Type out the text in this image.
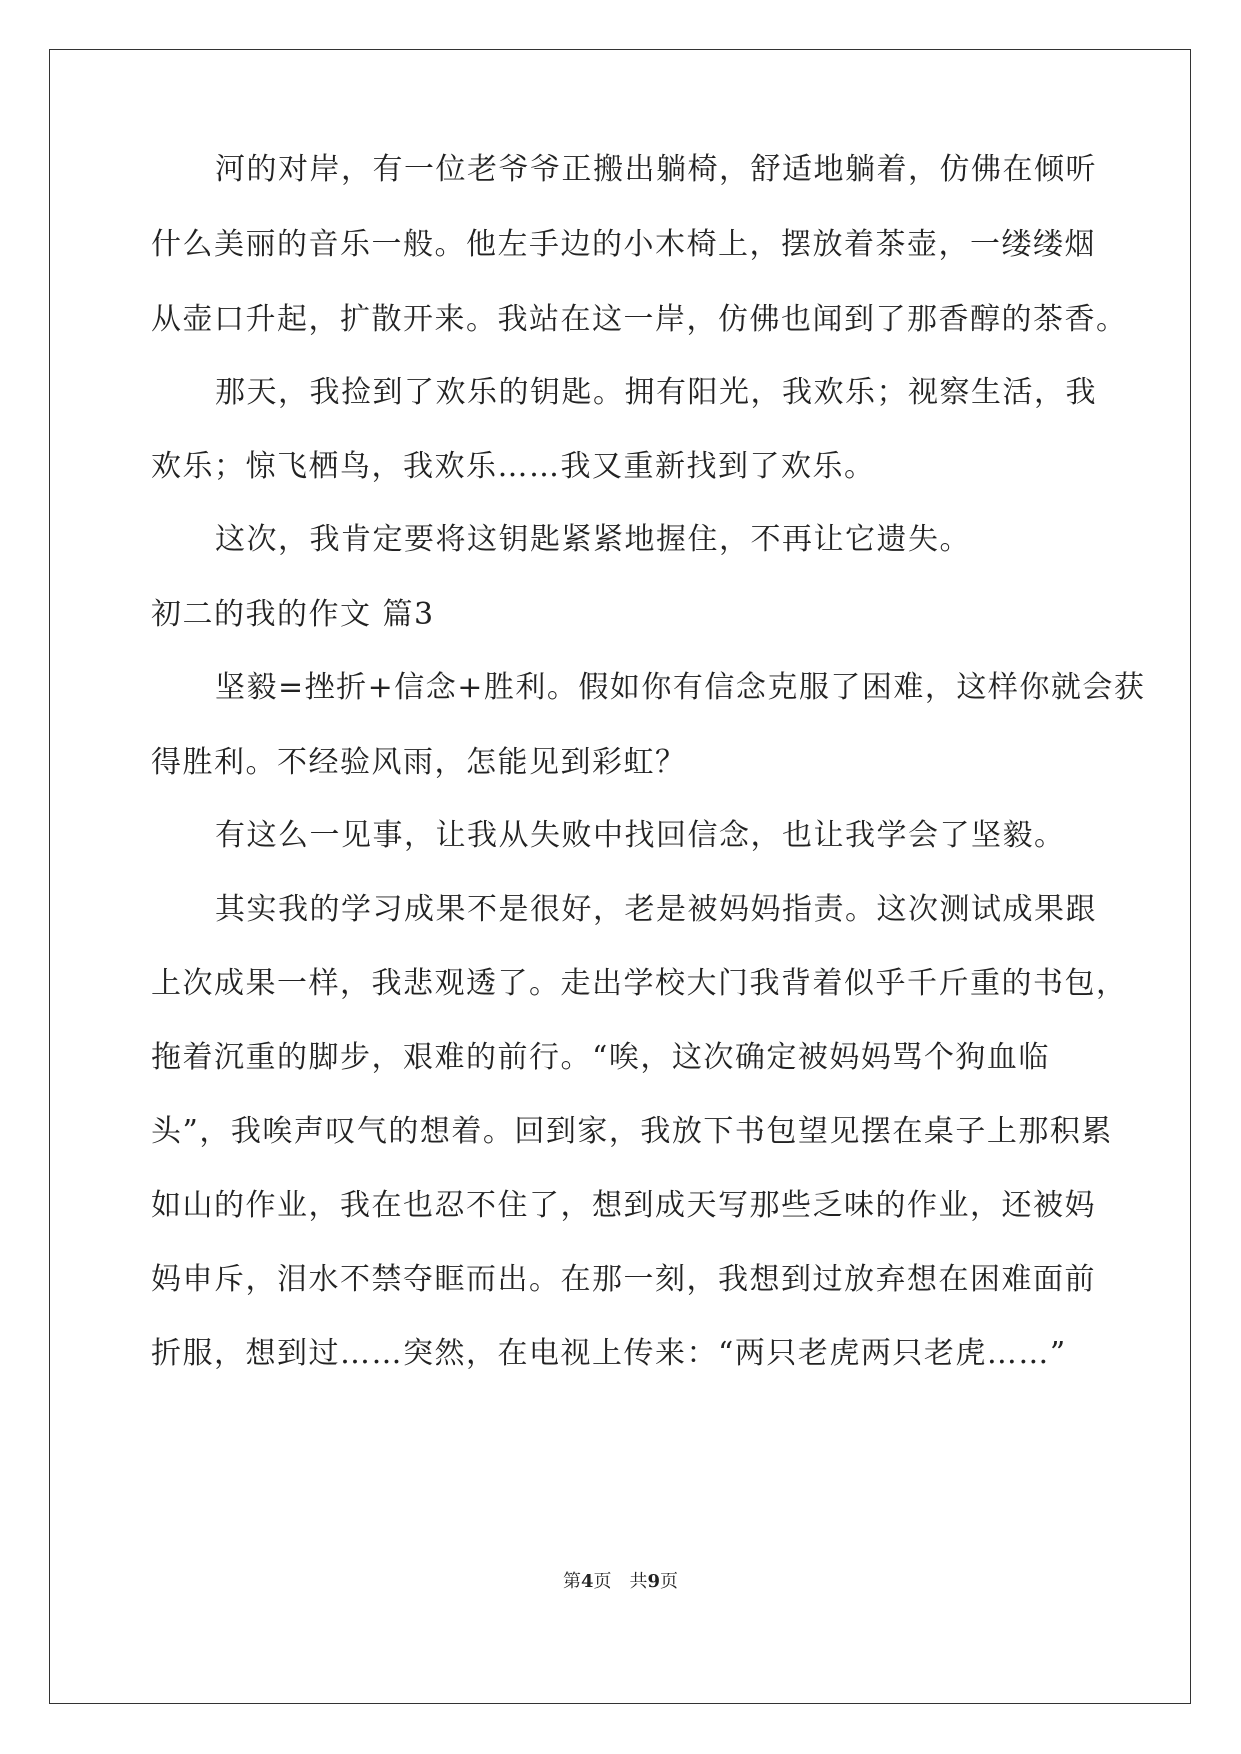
河的对岸，有一位老爷爷正搬出躺椅，舒适地躺着，仿佛在倾听
什么美丽的音乐一般。他左手边的小木椅上，摆放着茶壶，一缕缕烟
从壶口升起，扩散开来。我站在这一岸，仿佛也闻到了那香醇的茶香。
那天，我捡到了欢乐的钥匙。拥有阳光，我欢乐；视察生活，我
欢乐；惊飞栖鸟，我欢乐……我又重新找到了欢乐。
这次，我肯定要将这钥匙紧紧地握住，不再让它遗失。
初二的我的作文 篇3
坚毅=挫折+信念+胜利。假如你有信念克服了困难，这样你就会获
得胜利。不经验风雨，怎能见到彩虹？
有这么一见事，让我从失败中找回信念，也让我学会了坚毅。
其实我的学习成果不是很好，老是被妈妈指责。这次测试成果跟
上次成果一样，我悲观透了。走出学校大门我背着似乎千斤重的书包，
拖着沉重的脚步，艰难的前行。“唉，这次确定被妈妈骂个狗血临
头”，我唉声叹气的想着。回到家，我放下书包望见摆在桌子上那积累
如山的作业，我在也忍不住了，想到成天写那些乏味的作业，还被妈
妈申斥，泪水不禁夺眶而出。在那一刻，我想到过放弃想在困难面前
折服，想到过……突然，在电视上传来：“两只老虎两只老虎……”
第4页 共9页
